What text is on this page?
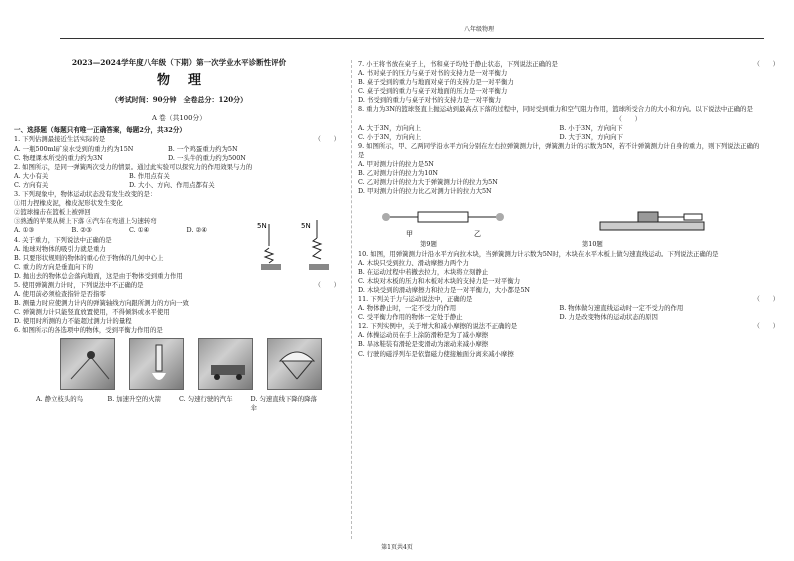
八年级物理
2023—2024学年度八年级（下期）第一次学业水平诊断性评价
物理
（考试时间：90分钟　全卷总分：120分）
A 卷（共100分）
一、选择题（每题只有唯一正确答案，每题2分，共32分）
1. 下列估测最接近生活实际的是	（　　）
A. 一瓶500ml矿泉水受到的重力约为15N	B. 一个鸡蛋重力约为5N
C. 物理课本所受的重力约为3N	D. 一头牛的重力约为500N
2. 如图所示，是同一弹簧两次受力的情景。通过此实验可以探究力的作用效果与力的
A. 大小有关	B. 作用点有关
C. 方向有关	D. 大小、方向、作用点都有关
3. 下列现象中，物体运动状态没有发生改变的是：
①用力捏橡皮泥，橡皮泥形状发生变化
②篮球撞击在篮板上被弹回
③熟透的苹果从树上下落 ④汽车在弯道上匀速转弯
A. ①③	B. ②③	C. ①④	D. ②④
4. 关于重力，下列说法中正确的是
A. 地球对物体的吸引力就是重力
B. 只要形状规则的物体的重心位于物体的几何中心上
C. 重力的方向是垂直向下的
D. 抛出去的物体总会落向地面，这是由于物体受到重力作用
5. 使用弹簧测力计时，下列说法中不正确的是	（　　）
A. 使用前必须检查指针是否指零
B. 测量力时应使测力计内的弹簧轴线方向跟所测力的方向一致
C. 弹簧测力计只能竖直放置使用，不得倾斜或水平使用
D. 使用时所测的力不能超过测力计的量程
6. 如图所示的各选项中的物体，受到平衡力作用的是
A. 静立枝头的鸟	B. 加速升空的火箭	C. 匀速行驶的汽车	D. 匀速直线下降的降落伞
5N	5N
7. 小王将书放在桌子上，书和桌子均处于静止状态，下列说法正确的是	（　　）
A. 书对桌子的压力与桌子对书的支持力是一对平衡力
B. 桌子受到的重力与地面对桌子的支持力是一对平衡力
C. 桌子受到的重力与桌子对地面的压力是一对平衡力
D. 书受到的重力与桌子对书的支持力是一对平衡力
8. 重力为3N的篮球竖直上抛运动到最高点下落的过程中，同时受到重力和空气阻力作用，篮球所受合力的大小和方向。以下说法中正确的是
（　　）
A. 大于3N，方向向上	B. 小于3N，方向向下
C. 小于3N，方向向上	D. 大于3N，方向向下
9. 如图所示，甲、乙两同学沿水平方向分别在左右拉弹簧测力计，弹簧测力计的示数为5N，若不计弹簧测力计自身的重力，则下列说法正确的是
A. 甲对测力计的拉力是5N
B. 乙对测力计的拉力为10N
C. 乙对测力计的拉力大于弹簧测力计的拉力为5N
D. 甲对测力计的拉力比乙对测力计的拉力大5N
甲	乙
第9题	第10题
10. 如图，用弹簧测力计沿水平方向拉木块，当弹簧测力计示数为5N时，木块在水平木板上做匀速直线运动。下列说法正确的是
A. 木块只受到拉力、滑动摩擦力两个力
B. 在运动过程中若撤去拉力，木块将立刻静止
C. 木块对木板的压力和木板对木块的支持力是一对平衡力
D. 木块受到的滑动摩擦力和拉力是一对平衡力，大小都是5N
11. 下列关于力与运动说法中，正确的是	（　　）
A. 物体静止时，一定不受力的作用	B. 物体做匀速直线运动时一定不受力的作用
C. 受平衡力作用的物体一定处于静止	D. 力是改变物体的运动状态的原因
12. 下列实例中，关于增大和减小摩擦的说法不正确的是	（　　）
A. 体操运动员在手上涂防滑粉是为了减小摩擦
B. 旱冰鞋装有滑轮是变滑动为滚动来减小摩擦
C. 行驶的磁浮列车是依靠磁力使接触面分离来减小摩擦
第1页共4页
